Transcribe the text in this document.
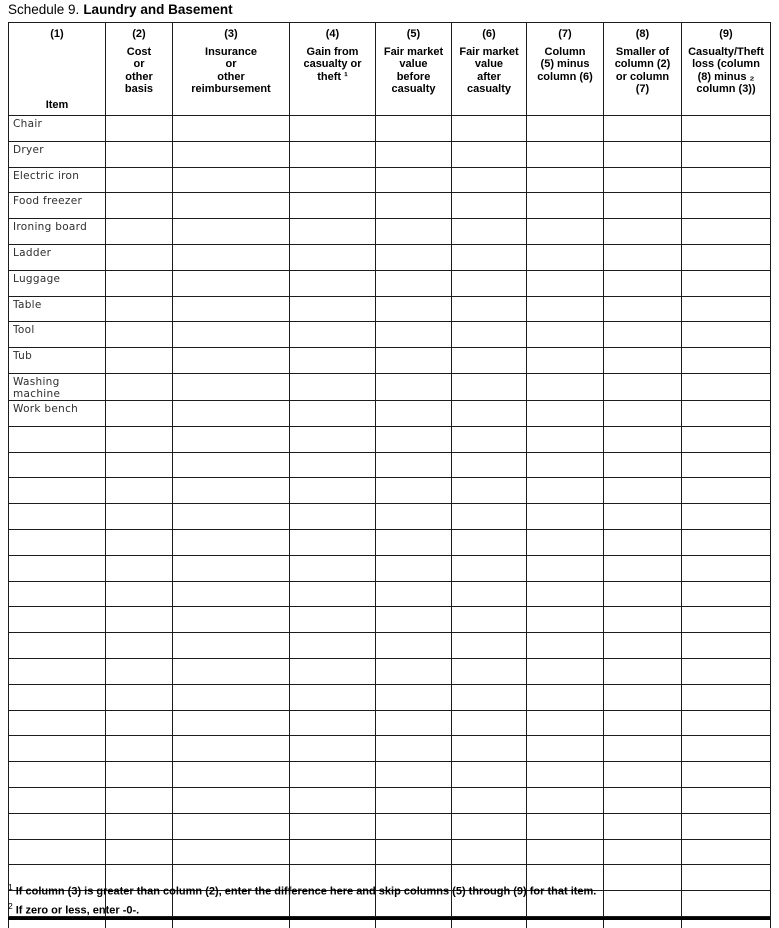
Schedule 9. Laundry and Basement
(1)
Item

(2)
Cost
or
other
basis

(3)
Insurance
or
other
reimbursement

(4)
Gain from
casualty or
theft ¹

(5)
Fair market
value
before
casualty

(6)
Fair market
value
after
casualty

(7)
Column
(5) minus
column (6)

(8)
Smaller of
column (2)
or column
(7)

(9)
Casualty/Theft
loss (column
(8) minus ₂
column (3))

Chair								
Dryer								
Electric iron								
Food freezer								
Ironing board								
Ladder								
Luggage								
Table								
Tool								
Tub								
Washing machine								
Work bench								

$^1$ If column (3) is greater than column (2), enter the difference here and skip columns (5) through (9) for that item.
$^2$ If zero or less, enter -0-.
